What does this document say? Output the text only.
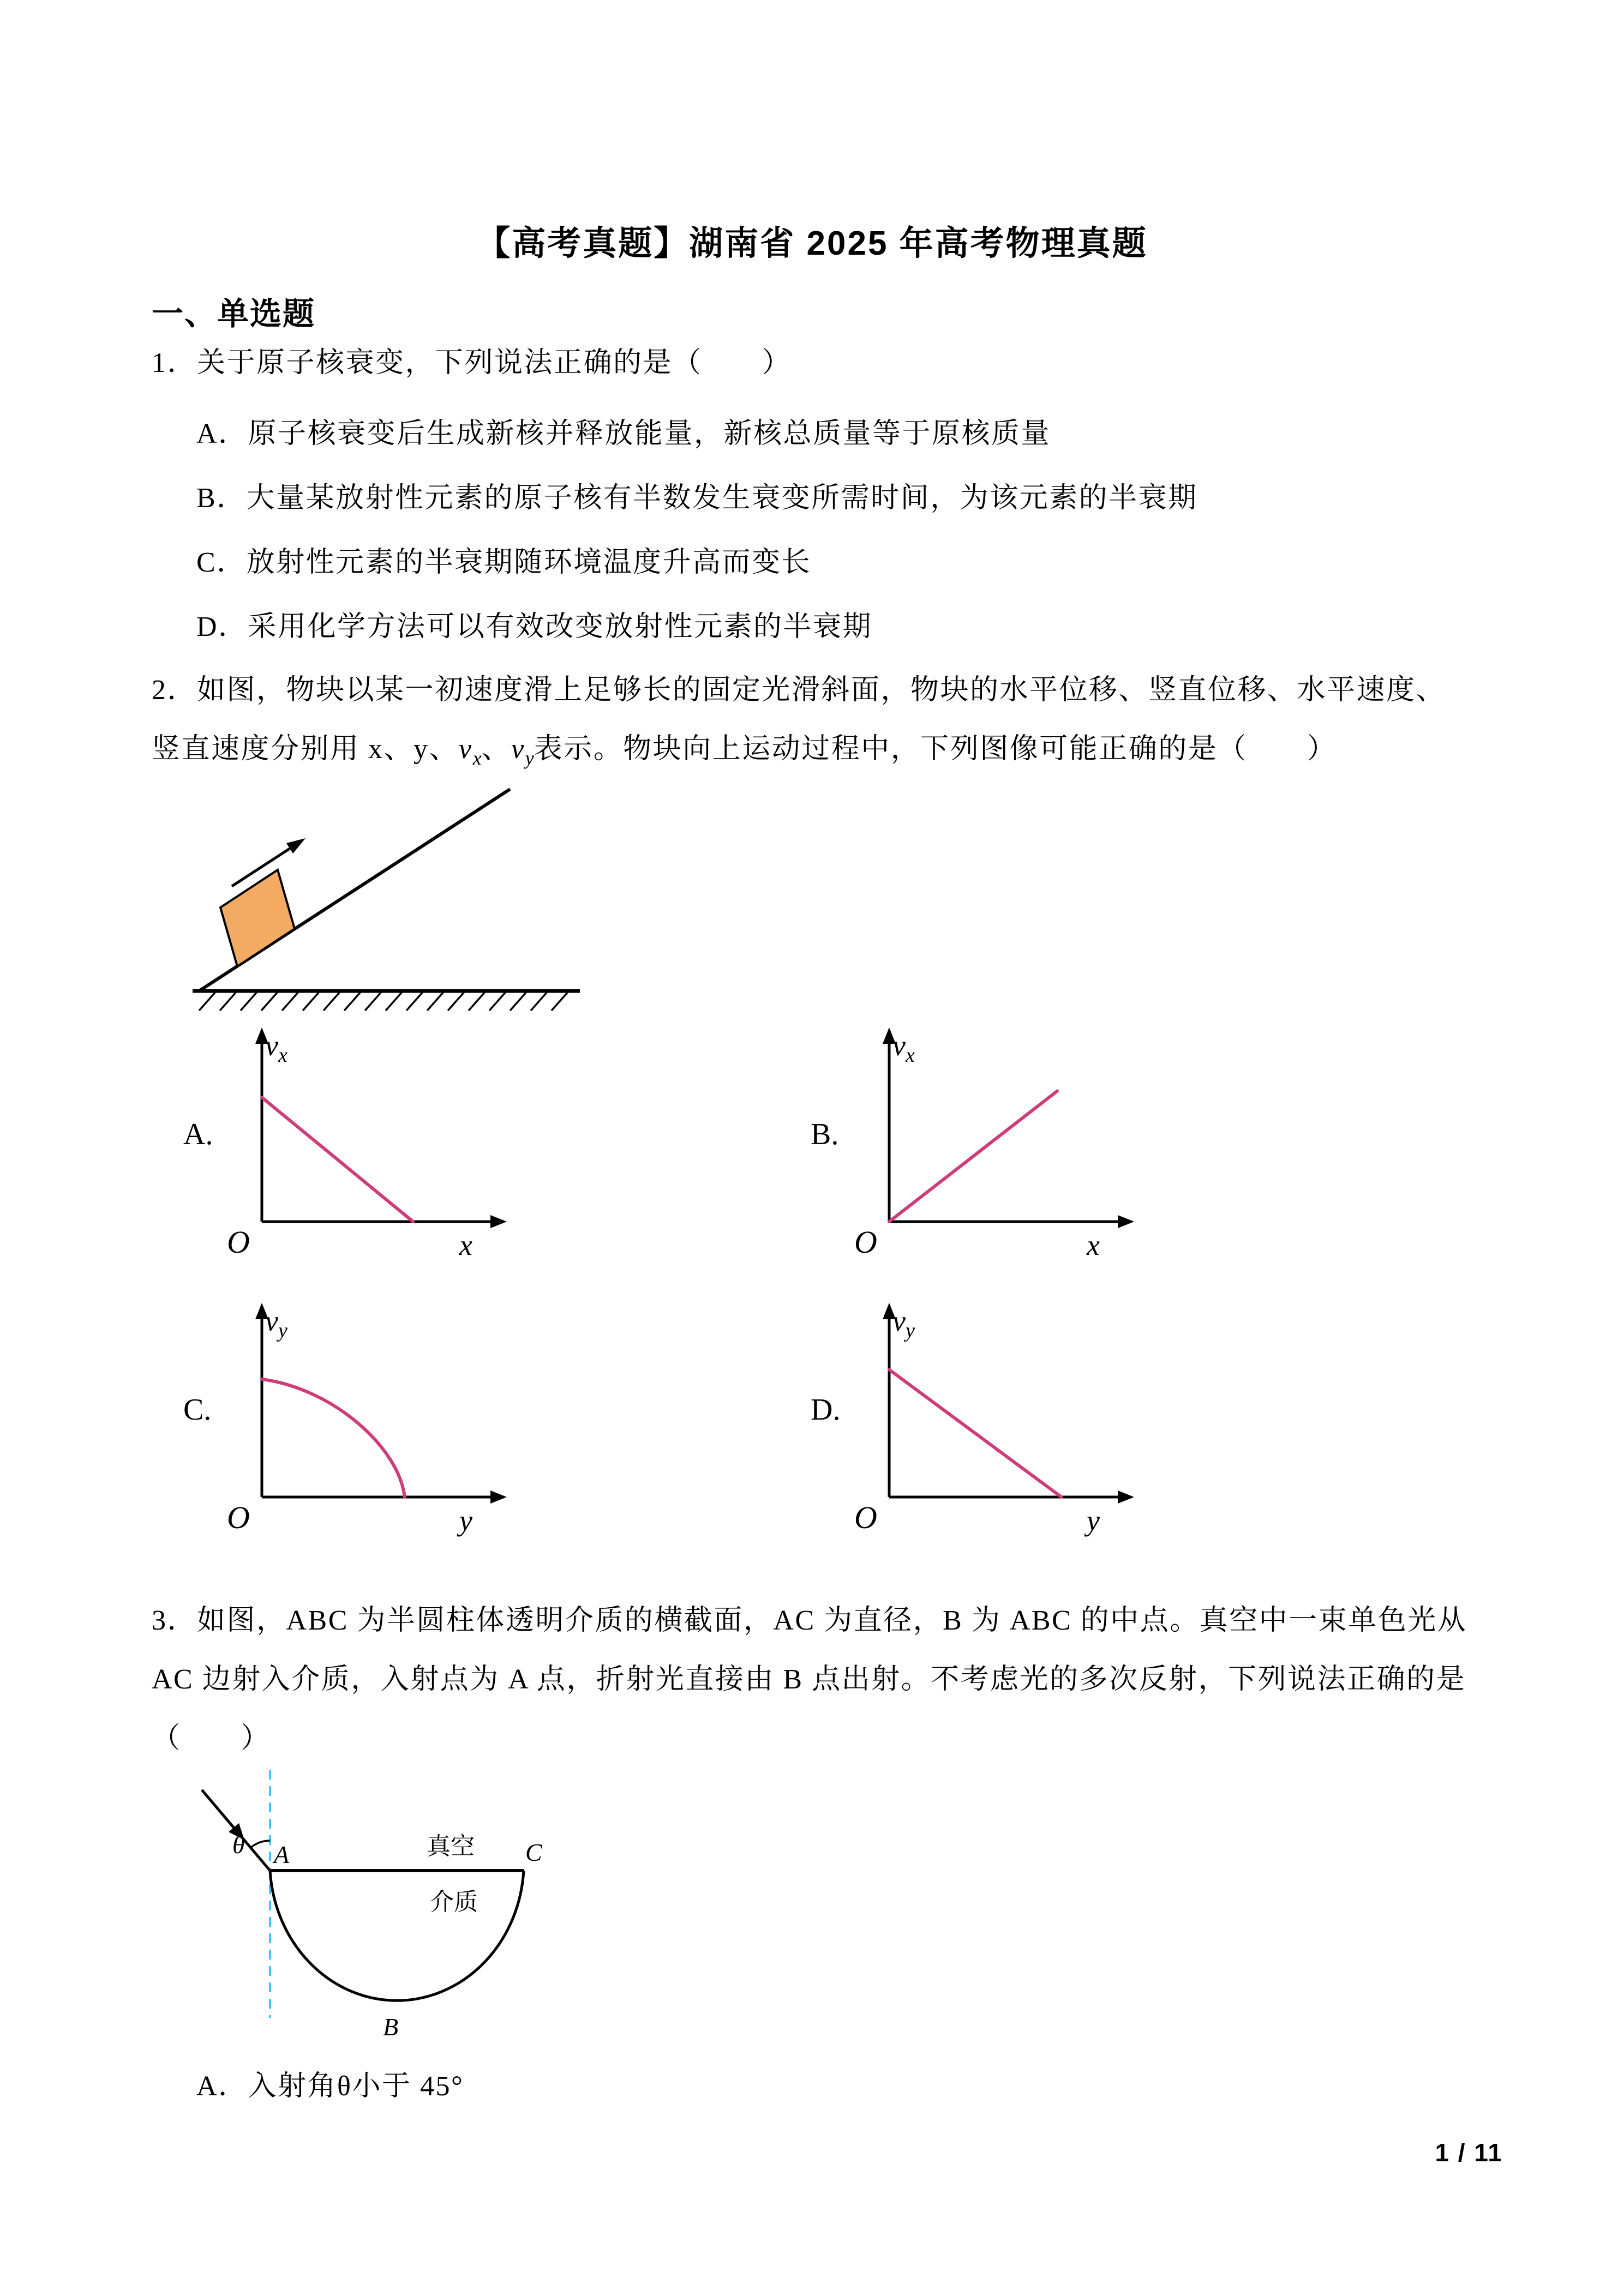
【高考真题】湖南省 2025 年高考物理真题
一、单选题
1．关于原子核衰变，下列说法正确的是（　　）
A．原子核衰变后生成新核并释放能量，新核总质量等于原核质量
B．大量某放射性元素的原子核有半数发生衰变所需时间，为该元素的半衰期
C．放射性元素的半衰期随环境温度升高而变长
D．采用化学方法可以有效改变放射性元素的半衰期
2．如图，物块以某一初速度滑上足够长的固定光滑斜面，物块的水平位移、竖直位移、水平速度、
竖直速度分别用 x、y、$v_x$、$v_y$表示。物块向上运动过程中，下列图像可能正确的是（　　）
A.
$v_x$
O	x
B.
$v_x$
O	x
C.
$v_y$
O	y
D.
$v_y$
O	y
3．如图，ABC 为半圆柱体透明介质的横截面，AC 为直径，B 为 ABC 的中点。真空中一束单色光从
AC 边射入介质，入射点为 A 点，折射光直接由 B 点出射。不考虑光的多次反射，下列说法正确的是
（　　）
θ A	C
真空
介质
B
A．入射角θ小于 45°
1 / 11
